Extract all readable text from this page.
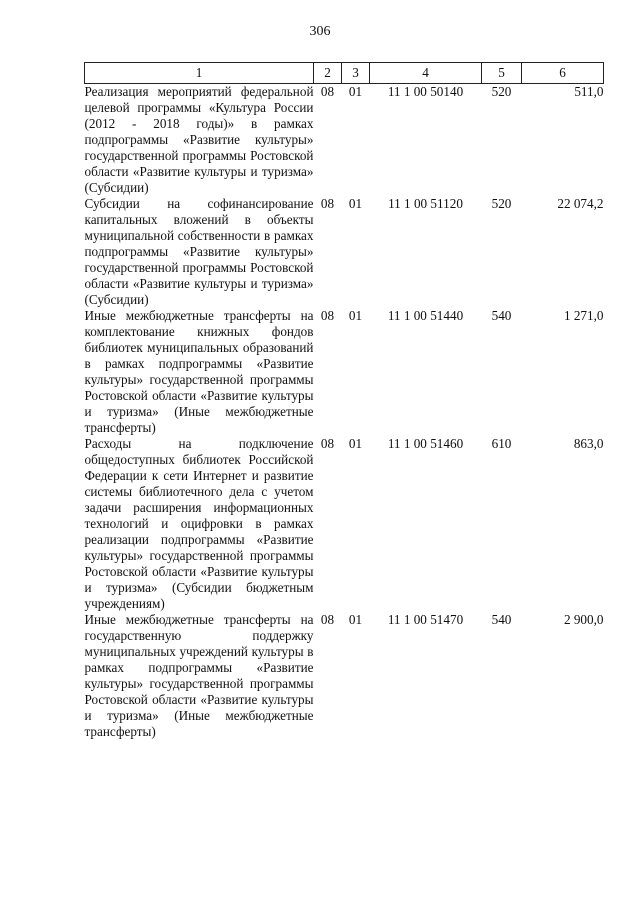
306
1	2	3	4	5	6
Реализация мероприятий федеральной целевой программы «Культура России (2012 - 2018 годы)» в рамках подпрограммы «Развитие культуры» государственной программы Ростовской области «Развитие культуры и туризма» (Субсидии)	08	01	11 1 00 50140	520	511,0
Субсидии на софинансирование капитальных вложений в объекты муниципальной собственности в рамках подпрограммы «Развитие культуры» государственной программы Ростовской области «Развитие культуры и туризма» (Субсидии)	08	01	11 1 00 51120	520	22 074,2
Иные межбюджетные трансферты на комплектование книжных фондов библиотек муниципальных образований в рамках подпрограммы «Развитие культуры» государственной программы Ростовской области «Развитие культуры и туризма» (Иные межбюджетные трансферты)	08	01	11 1 00 51440	540	1 271,0
Расходы на подключение общедоступных библиотек Российской Федерации к сети Интернет и развитие системы библиотечного дела с учетом задачи расширения информационных технологий и оцифровки в рамках реализации подпрограммы «Развитие культуры» государственной программы Ростовской области «Развитие культуры и туризма» (Субсидии бюджетным учреждениям)	08	01	11 1 00 51460	610	863,0
Иные межбюджетные трансферты на государственную поддержку муниципальных учреждений культуры в рамках подпрограммы «Развитие культуры» государственной программы Ростовской области «Развитие культуры и туризма» (Иные межбюджетные трансферты)	08	01	11 1 00 51470	540	2 900,0
